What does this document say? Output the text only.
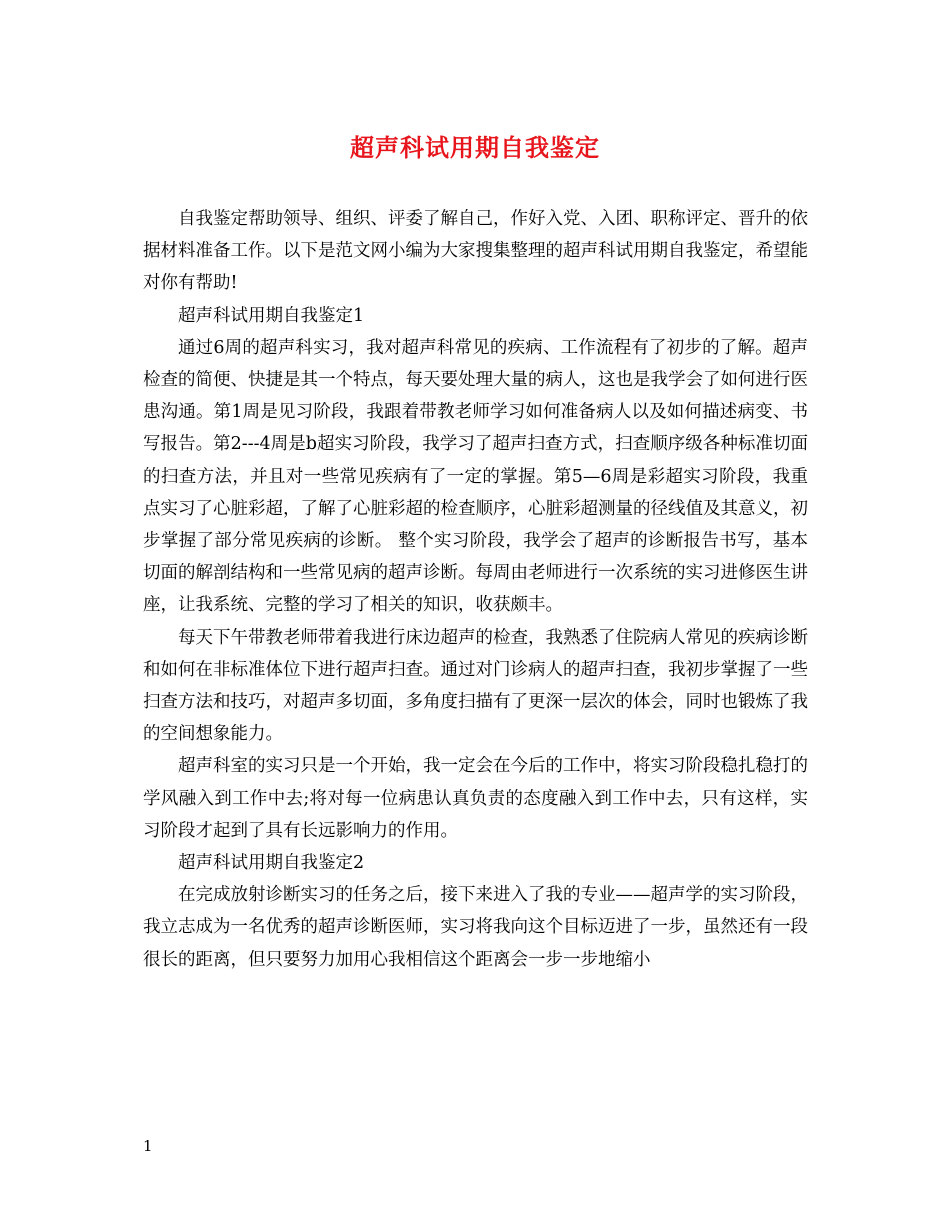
超声科试用期自我鉴定

自我鉴定帮助领导、组织、评委了解自己，作好入党、入团、职称评定、晋升的依据材料准备工作。以下是范文网小编为大家搜集整理的超声科试用期自我鉴定，希望能对你有帮助!

超声科试用期自我鉴定1

通过6周的超声科实习，我对超声科常见的疾病、工作流程有了初步的了解。超声检查的简便、快捷是其一个特点，每天要处理大量的病人，这也是我学会了如何进行医患沟通。第1周是见习阶段，我跟着带教老师学习如何准备病人以及如何描述病变、书写报告。第2---4周是b超实习阶段，我学习了超声扫查方式，扫查顺序级各种标准切面的扫查方法，并且对一些常见疾病有了一定的掌握。第5—6周是彩超实习阶段，我重点实习了心脏彩超，了解了心脏彩超的检查顺序，心脏彩超测量的径线值及其意义，初步掌握了部分常见疾病的诊断。 整个实习阶段，我学会了超声的诊断报告书写，基本切面的解剖结构和一些常见病的超声诊断。每周由老师进行一次系统的实习进修医生讲座，让我系统、完整的学习了相关的知识，收获颇丰。

每天下午带教老师带着我进行床边超声的检查，我熟悉了住院病人常见的疾病诊断和如何在非标准体位下进行超声扫查。通过对门诊病人的超声扫查，我初步掌握了一些扫查方法和技巧，对超声多切面，多角度扫描有了更深一层次的体会，同时也锻炼了我的空间想象能力。

超声科室的实习只是一个开始，我一定会在今后的工作中，将实习阶段稳扎稳打的学风融入到工作中去;将对每一位病患认真负责的态度融入到工作中去，只有这样，实习阶段才起到了具有长远影响力的作用。

超声科试用期自我鉴定2

在完成放射诊断实习的任务之后，接下来进入了我的专业——超声学的实习阶段， 我立志成为一名优秀的超声诊断医师，实习将我向这个目标迈进了一步，虽然还有一段很长的距离，但只要努力加用心我相信这个距离会一步一步地缩小

1
